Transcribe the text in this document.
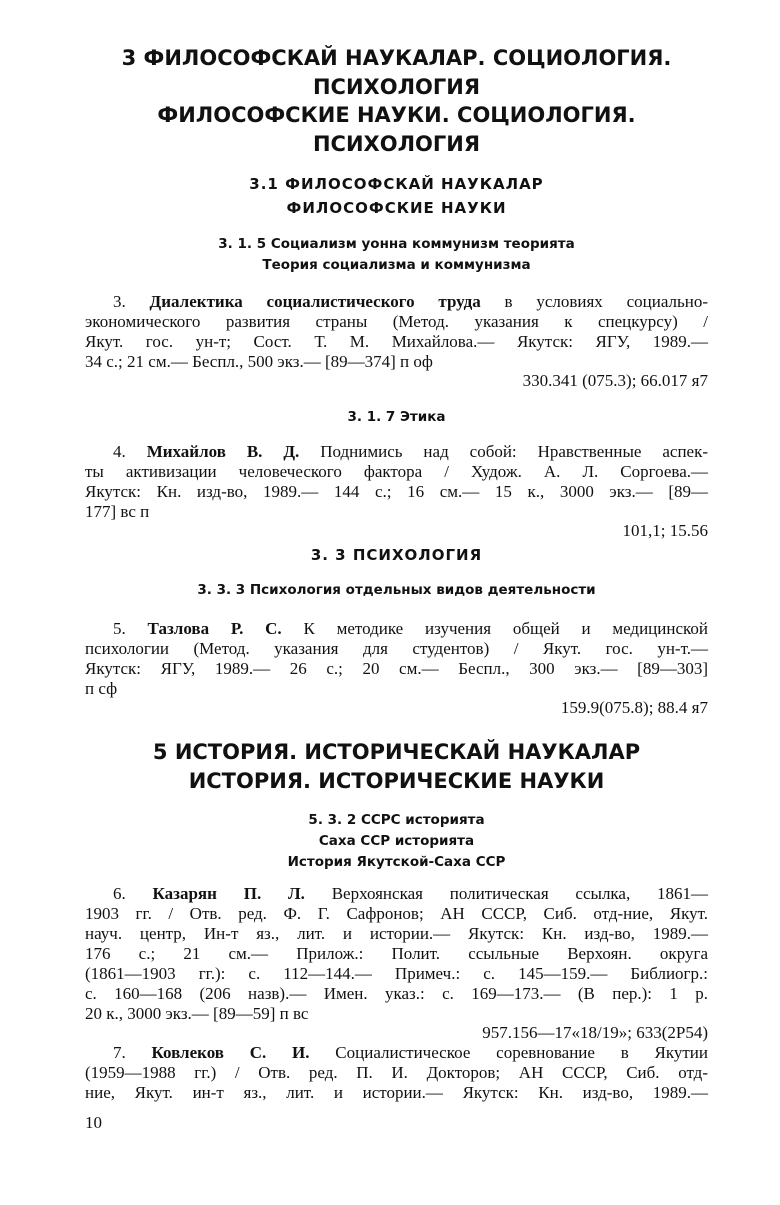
3 ФИЛОСОФСКАЙ НАУКАЛАР. СОЦИОЛОГИЯ.
ПСИХОЛОГИЯ
ФИЛОСОФСКИЕ НАУКИ. СОЦИОЛОГИЯ.
ПСИХОЛОГИЯ
3.1 ФИЛОСОФСКАЙ НАУКАЛАР
ФИЛОСОФСКИЕ НАУКИ
3. 1. 5 Социализм уонна коммунизм теорията
Теория социализма и коммунизма
3. Диалектика социалистического труда в условиях социально-
экономического развития страны (Метод. указания к спецкурсу) /
Якут. гос. ун-т; Сост. Т. М. Михайлова.— Якутск: ЯГУ, 1989.—
34 с.; 21 см.— Беспл., 500 экз.— [89—374] п оф
330.341 (075.3); 66.017 я7
3. 1. 7 Этика
4. Михайлов В. Д. Поднимись над собой: Нравственные аспек-
ты активизации человеческого фактора / Худож. А. Л. Соргоева.—
Якутск: Кн. изд-во, 1989.— 144 с.; 16 см.— 15 к., 3000 экз.— [89—
177] вс п
101,1; 15.56
3. 3 ПСИХОЛОГИЯ
3. 3. 3 Психология отдельных видов деятельности
5. Тазлова Р. С. К методике изучения общей и медицинской
психологии (Метод. указания для студентов) / Якут. гос. ун-т.—
Якутск: ЯГУ, 1989.— 26 с.; 20 см.— Беспл., 300 экз.— [89—303]
п сф
159.9(075.8); 88.4 я7
5 ИСТОРИЯ. ИСТОРИЧЕСКАЙ НАУКАЛАР
ИСТОРИЯ. ИСТОРИЧЕСКИЕ НАУКИ
5. 3. 2 ССРС историята
Саха ССР историята
История Якутской-Саха ССР
6. Казарян П. Л. Верхоянская политическая ссылка, 1861—
1903 гг. / Отв. ред. Ф. Г. Сафронов; АН СССР, Сиб. отд-ние, Якут.
науч. центр, Ин-т яз., лит. и истории.— Якутск: Кн. изд-во, 1989.—
176 с.; 21 см.— Прилож.: Полит. ссыльные Верхоян. округа
(1861—1903 гг.): с. 112—144.— Примеч.: с. 145—159.— Библиогр.:
с. 160—168 (206 назв).— Имен. указ.: с. 169—173.— (В пер.): 1 р.
20 к., 3000 экз.— [89—59] п вс
957.156—17«18/19»; 633(2Р54)
7. Ковлеков С. И. Социалистическое соревнование в Якутии
(1959—1988 гг.) / Отв. ред. П. И. Докторов; АН СССР, Сиб. отд-
ние, Якут. ин-т яз., лит. и истории.— Якутск: Кн. изд-во, 1989.—
10
